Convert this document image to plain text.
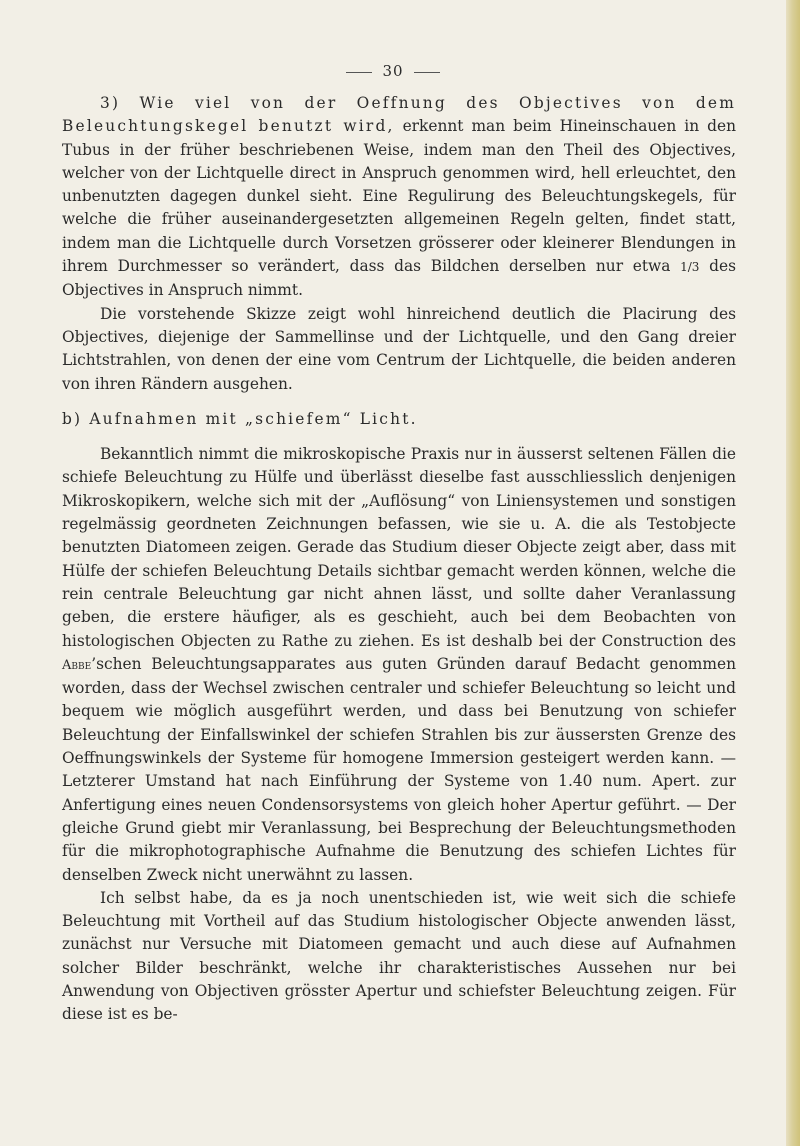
30

3) Wie viel von der Oeffnung des Objectives von dem Beleuchtungskegel benutzt wird, erkennt man beim Hineinschauen in den Tubus in der früher beschriebenen Weise, indem man den Theil des Objectives, welcher von der Lichtquelle direct in Anspruch genommen wird, hell erleuchtet, den unbenutzten dagegen dunkel sieht. Eine Regulirung des Beleuchtungskegels, für welche die früher auseinandergesetzten allgemeinen Regeln gelten, findet statt, indem man die Lichtquelle durch Vorsetzen grösserer oder kleinerer Blendungen in ihrem Durchmesser so verändert, dass das Bildchen derselben nur etwa 1/3 des Objectives in Anspruch nimmt.

Die vorstehende Skizze zeigt wohl hinreichend deutlich die Placirung des Objectives, diejenige der Sammellinse und der Lichtquelle, und den Gang dreier Lichtstrahlen, von denen der eine vom Centrum der Lichtquelle, die beiden anderen von ihren Rändern ausgehen.

b) Aufnahmen mit „schiefem“ Licht.

Bekanntlich nimmt die mikroskopische Praxis nur in äusserst seltenen Fällen die schiefe Beleuchtung zu Hülfe und überlässt dieselbe fast ausschliesslich denjenigen Mikroskopikern, welche sich mit der „Auflösung“ von Liniensystemen und sonstigen regelmässig geordneten Zeichnungen befassen, wie sie u. A. die als Testobjecte benutzten Diatomeen zeigen. Gerade das Studium dieser Objecte zeigt aber, dass mit Hülfe der schiefen Beleuchtung Details sichtbar gemacht werden können, welche die rein centrale Beleuchtung gar nicht ahnen lässt, und sollte daher Veranlassung geben, die erstere häufiger, als es geschieht, auch bei dem Beobachten von histologischen Objecten zu Rathe zu ziehen. Es ist deshalb bei der Construction des Abbe’schen Beleuchtungsapparates aus guten Gründen darauf Bedacht genommen worden, dass der Wechsel zwischen centraler und schiefer Beleuchtung so leicht und bequem wie möglich ausgeführt werden, und dass bei Benutzung von schiefer Beleuchtung der Einfallswinkel der schiefen Strahlen bis zur äussersten Grenze des Oeffnungswinkels der Systeme für homogene Immersion gesteigert werden kann. — Letzterer Umstand hat nach Einführung der Systeme von 1.40 num. Apert. zur Anfertigung eines neuen Condensorsystems von gleich hoher Apertur geführt. — Der gleiche Grund giebt mir Veranlassung, bei Besprechung der Beleuchtungsmethoden für die mikrophotographische Aufnahme die Benutzung des schiefen Lichtes für denselben Zweck nicht unerwähnt zu lassen.

Ich selbst habe, da es ja noch unentschieden ist, wie weit sich die schiefe Beleuchtung mit Vortheil auf das Studium histologischer Objecte anwenden lässt, zunächst nur Versuche mit Diatomeen gemacht und auch diese auf Aufnahmen solcher Bilder beschränkt, welche ihr charakteristisches Aussehen nur bei Anwendung von Objectiven grösster Apertur und schiefster Beleuchtung zeigen. Für diese ist es be-
